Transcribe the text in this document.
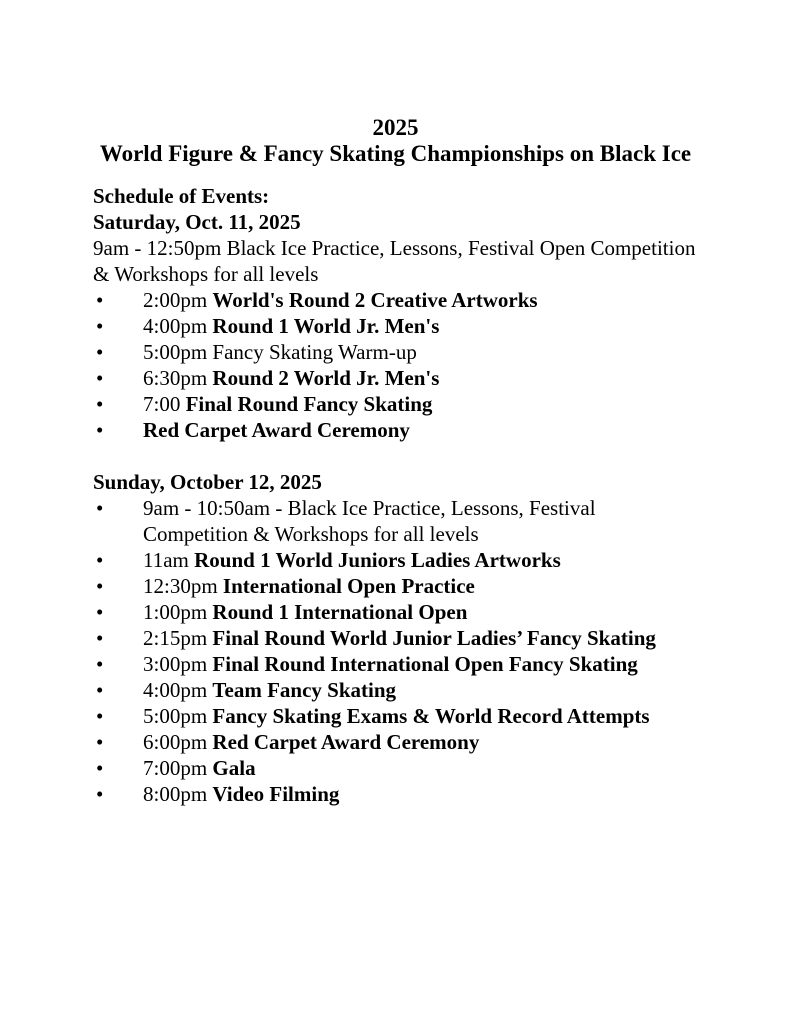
2025
World Figure & Fancy Skating Championships on Black Ice
Schedule of Events:
Saturday, Oct. 11, 2025

9am - 12:50pm Black Ice Practice, Lessons, Festival Open Competition & Workshops for all levels

• 2:00pm World's Round 2 Creative Artworks
• 4:00pm Round 1 World Jr. Men's
• 5:00pm Fancy Skating Warm-up
• 6:30pm Round 2 World Jr. Men's
• 7:00 Final Round Fancy Skating
• Red Carpet Award Ceremony
Sunday, October 12, 2025
• 9am - 10:50am - Black Ice Practice, Lessons, Festival Competition & Workshops for all levels
• 11am Round 1 World Juniors Ladies Artworks
• 12:30pm International Open Practice
• 1:00pm Round 1 International Open
• 2:15pm Final Round World Junior Ladies’ Fancy Skating
• 3:00pm Final Round International Open Fancy Skating
• 4:00pm Team Fancy Skating
• 5:00pm Fancy Skating Exams & World Record Attempts
• 6:00pm Red Carpet Award Ceremony
• 7:00pm Gala
• 8:00pm Video Filming
